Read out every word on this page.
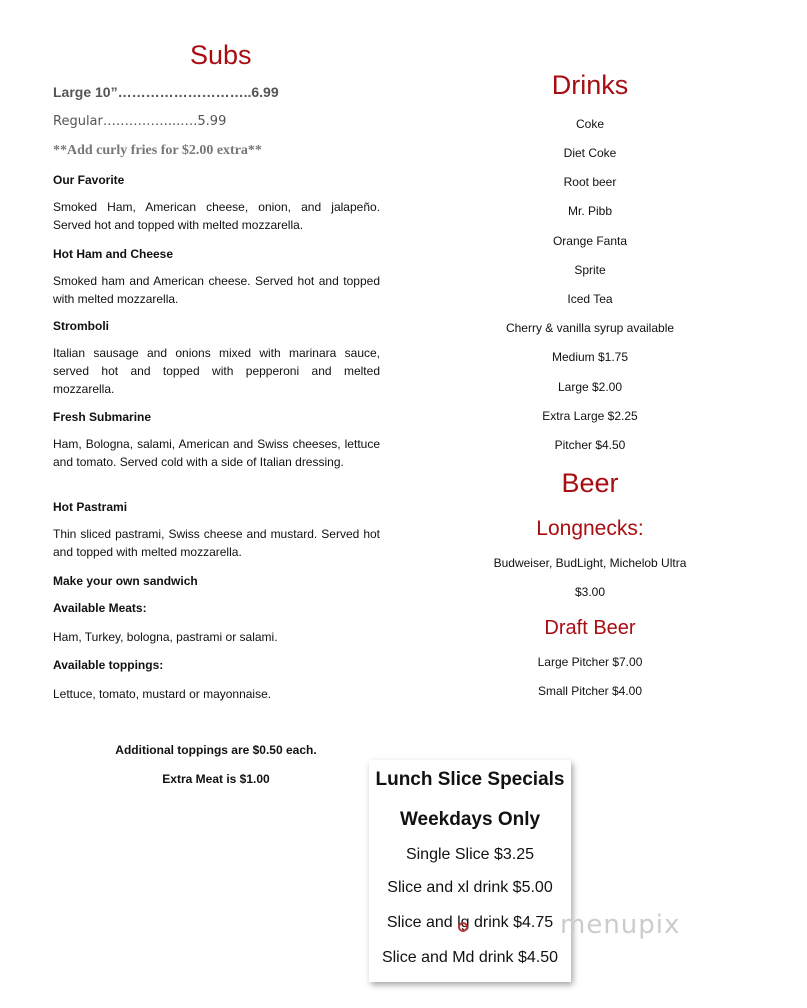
Subs
Large 10”………………………..6.99
Regular……………...….5.99
**Add curly fries for $2.00 extra**
Our Favorite
Smoked Ham, American cheese, onion, and jalapeño. Served hot and topped with melted mozzarella.
Hot Ham and Cheese
Smoked ham and American cheese. Served hot and topped with melted mozzarella.
Stromboli
Italian sausage and onions mixed with marinara sauce, served hot and topped with pepperoni and melted mozzarella.
Fresh Submarine
Ham, Bologna, salami, American and Swiss cheeses, lettuce and tomato. Served cold with a side of Italian dressing.
Hot Pastrami
Thin sliced pastrami, Swiss cheese and mustard. Served hot and topped with melted mozzarella.
Make your own sandwich
Available Meats:
Ham, Turkey, bologna, pastrami or salami.
Available toppings:
Lettuce, tomato, mustard or mayonnaise.
Additional toppings are $0.50 each.
Extra Meat is $1.00
Drinks
Coke
Diet Coke
Root beer
Mr. Pibb
Orange Fanta
Sprite
Iced Tea
Cherry & vanilla syrup available
Medium $1.75
Large $2.00
Extra Large $2.25
Pitcher $4.50
Beer
Longnecks:
Budweiser, BudLight, Michelob Ultra
$3.00
Draft Beer
Large Pitcher $7.00
Small Pitcher $4.00
Lunch Slice Specials
Weekdays Only
Single Slice $3.25
Slice and xl drink $5.00
Slice and lg drink $4.75
Slice and Md drink $4.50
menupix
